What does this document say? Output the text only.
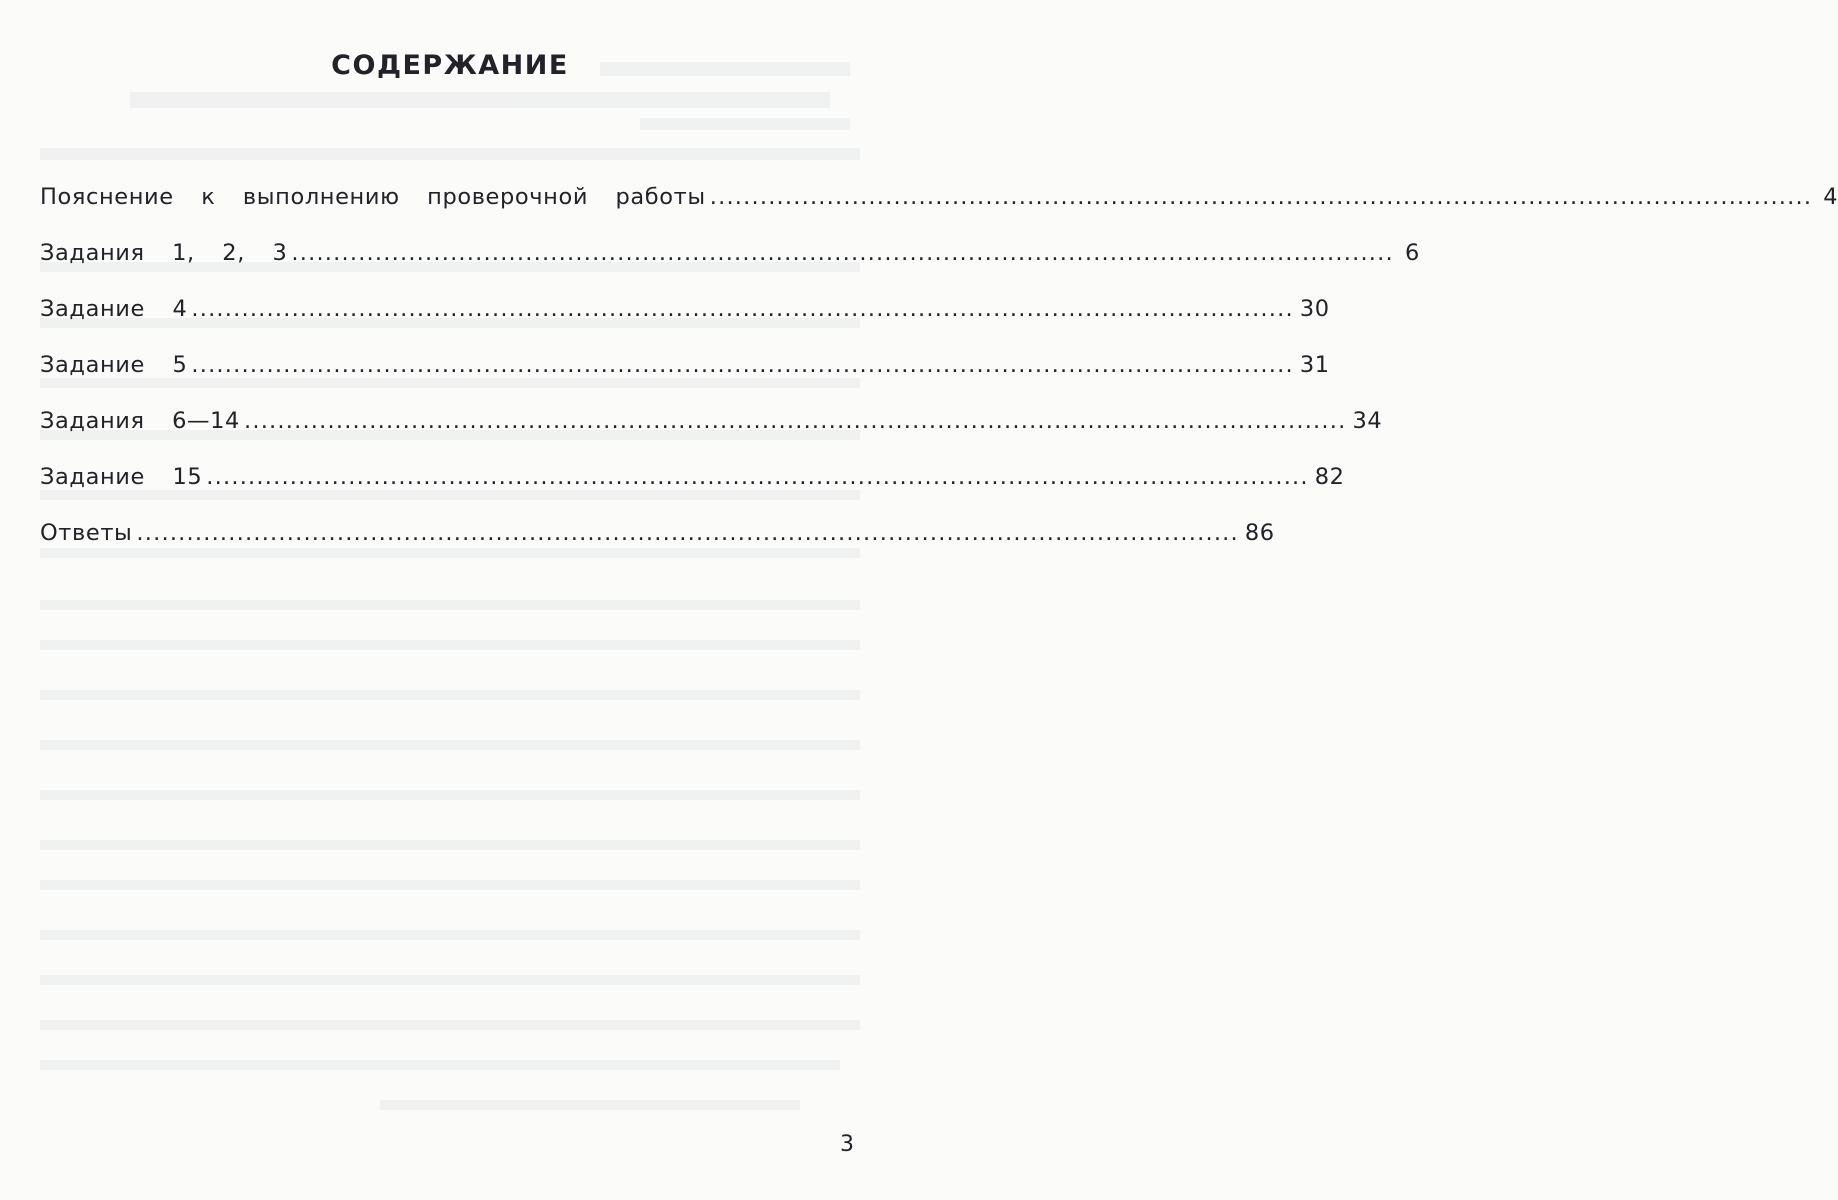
СОДЕРЖАНИЕ
Пояснение  к  выполнению  проверочной  работы .................................................................................................................................... 4
Задания  1,  2,  3 .................................................................................................................................... 6
Задание  4 .................................................................................................................................... 30
Задание  5 .................................................................................................................................... 31
Задания  6—14 .................................................................................................................................... 34
Задание  15 .................................................................................................................................... 82
Ответы .................................................................................................................................... 86
3
